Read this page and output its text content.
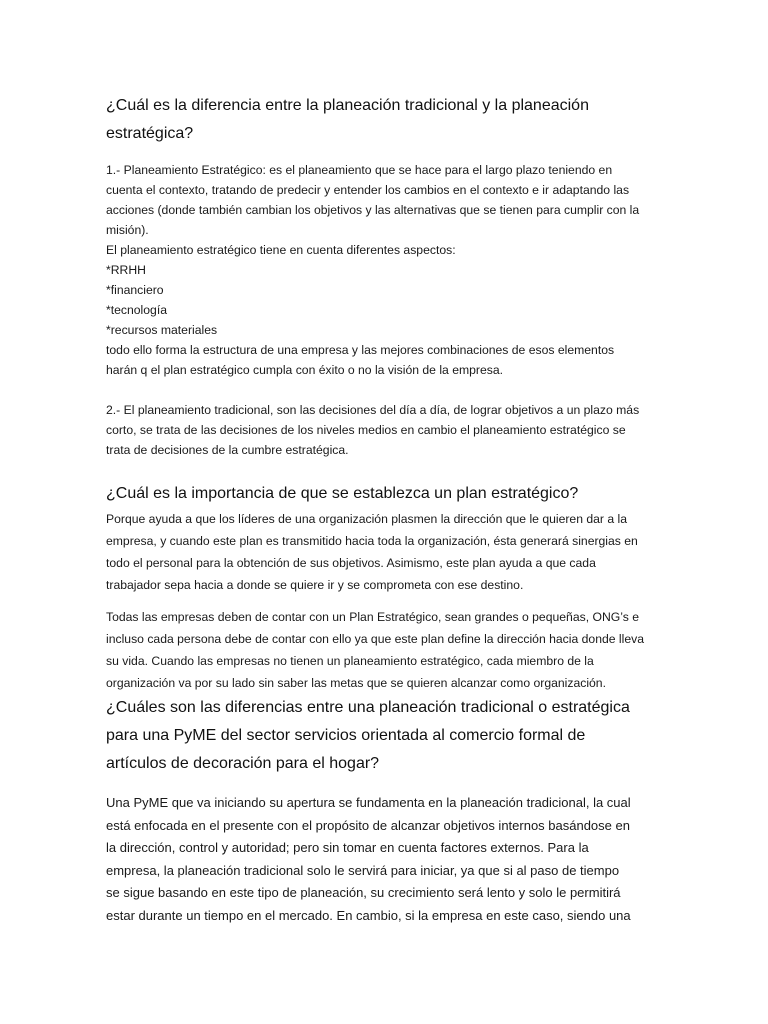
¿Cuál es la diferencia entre la planeación tradicional y la planeación
estratégica?
1.- Planeamiento Estratégico: es el planeamiento que se hace para el largo plazo teniendo en
cuenta el contexto, tratando de predecir y entender los cambios en el contexto e ir adaptando las
acciones (donde también cambian los objetivos y las alternativas que se tienen para cumplir con la
misión).
El planeamiento estratégico tiene en cuenta diferentes aspectos:
*RRHH
*financiero
*tecnología
*recursos materiales
todo ello forma la estructura de una empresa y las mejores combinaciones de esos elementos
harán q el plan estratégico cumpla con éxito o no la visión de la empresa.
2.- El planeamiento tradicional, son las decisiones del día a día, de lograr objetivos a un plazo más
corto, se trata de las decisiones de los niveles medios en cambio el planeamiento estratégico se
trata de decisiones de la cumbre estratégica.
¿Cuál es la importancia de que se establezca un plan estratégico?
Porque ayuda a que los líderes de una organización plasmen la dirección que le quieren dar a la
empresa, y cuando este plan es transmitido hacia toda la organización, ésta generará sinergias en
todo el personal para la obtención de sus objetivos. Asimismo, este plan ayuda a que cada
trabajador sepa hacia a donde se quiere ir y se comprometa con ese destino.
Todas las empresas deben de contar con un Plan Estratégico, sean grandes o pequeñas, ONG’s e
incluso cada persona debe de contar con ello ya que este plan define la dirección hacia donde lleva
su vida. Cuando las empresas no tienen un planeamiento estratégico, cada miembro de la
organización va por su lado sin saber las metas que se quieren alcanzar como organización.
¿Cuáles son las diferencias entre una planeación tradicional o estratégica
para una PyME del sector servicios orientada al comercio formal de
artículos de decoración para el hogar?
Una PyME que va iniciando su apertura se fundamenta en la planeación tradicional, la cual
está enfocada en el presente con el propósito de alcanzar objetivos internos basándose en
la dirección, control y autoridad; pero sin tomar en cuenta factores externos. Para la
empresa, la planeación tradicional solo le servirá para iniciar, ya que si al paso de tiempo
se sigue basando en este tipo de planeación, su crecimiento será lento y solo le permitirá
estar durante un tiempo en el mercado. En cambio, si la empresa en este caso, siendo una
